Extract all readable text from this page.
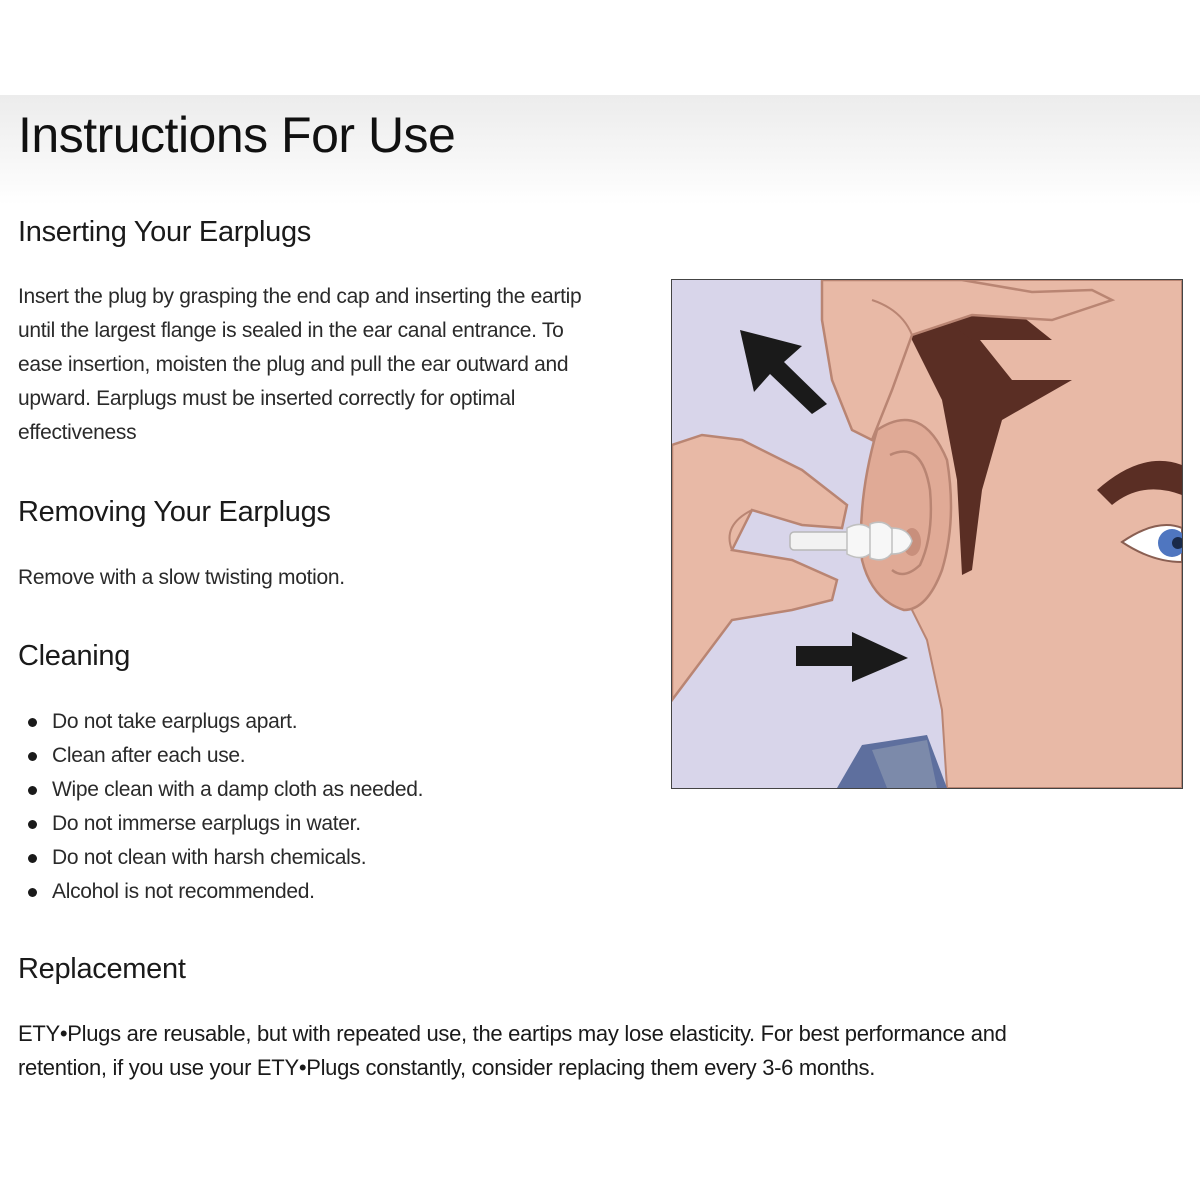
Instructions For Use
Inserting Your Earplugs
Insert the plug by grasping the end cap and inserting the eartip
until the largest flange is sealed in the ear canal entrance. To
ease insertion, moisten the plug and pull the ear outward and
upward. Earplugs must be inserted correctly for optimal
effectiveness
Removing Your Earplugs
Remove with a slow twisting motion.
Cleaning
Do not take earplugs apart.
Clean after each use.
Wipe clean with a damp cloth as needed.
Do not immerse earplugs in water.
Do not clean with harsh chemicals.
Alcohol is not recommended.
Replacement
ETY•Plugs are reusable, but with repeated use, the eartips may lose elasticity. For best performance and
retention, if you use your ETY•Plugs constantly, consider replacing them every 3-6 months.
